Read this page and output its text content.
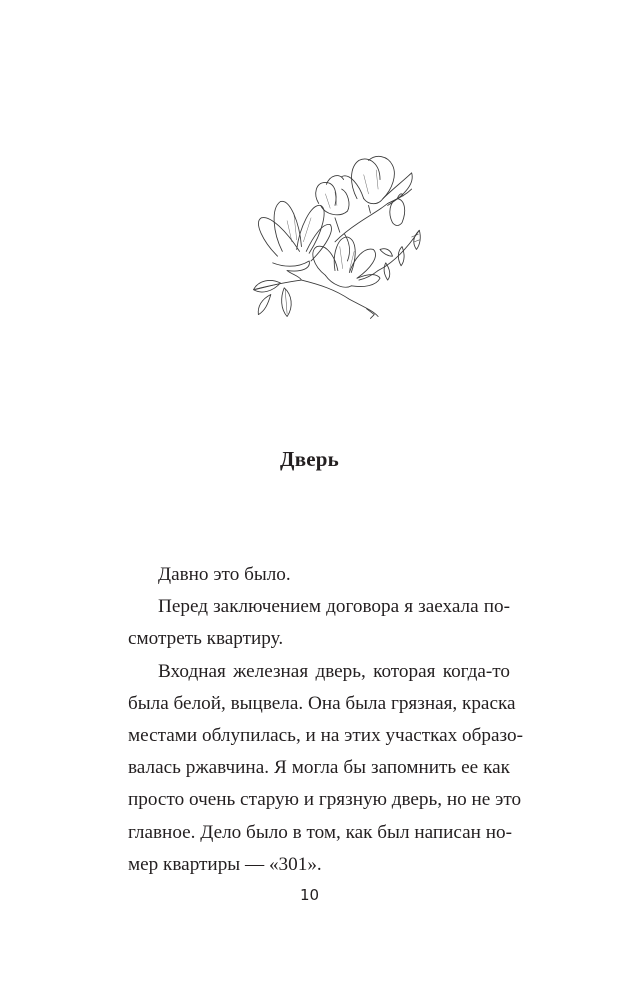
Дверь
Давно это было.
Перед заключением договора я заехала по-
смотреть квартиру.
Входная железная дверь, которая когда-то
была белой, выцвела. Она была грязная, краска
местами облупилась, и на этих участках образо-
валась ржавчина. Я могла бы запомнить ее как
просто очень старую и грязную дверь, но не это
главное. Дело было в том, как был написан но-
мер квартиры — «301».
10
